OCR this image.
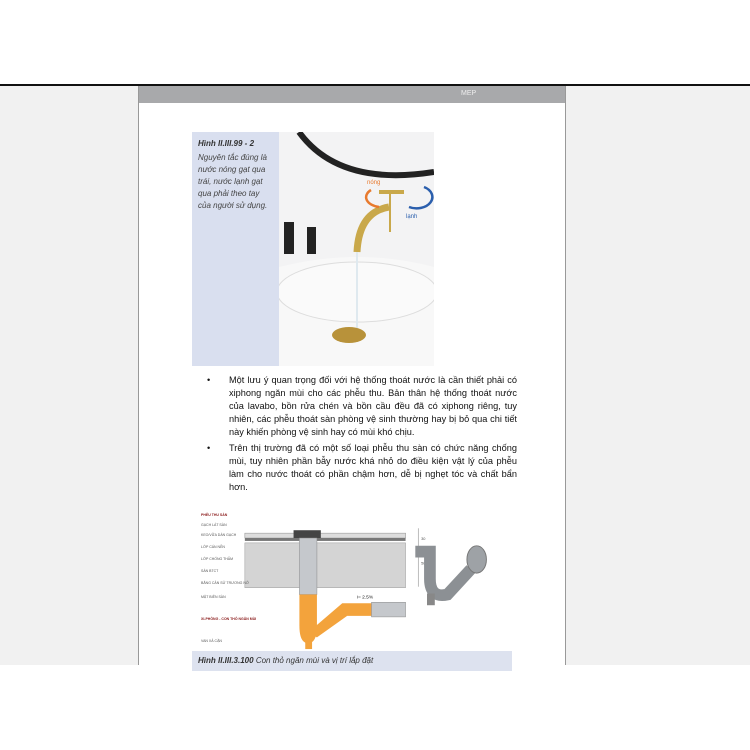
MEP
Hình II.III.99 - 2
Nguyên tắc đúng là nước nóng gạt qua trái, nước lạnh gạt qua phải theo tay của người sử dụng.
nóng
lạnh
• Một lưu ý quan trọng đối với hệ thống thoát nước là cần thiết phải có xiphong ngăn mùi cho các phễu thu. Bản thân hệ thống thoát nước của lavabo, bồn rửa chén và bồn cầu đều đã có xiphong riêng, tuy nhiên, các phễu thoát sàn phòng vệ sinh thường hay bị bỏ qua chi tiết này khiến phòng vệ sinh hay có mùi khó chịu.
• Trên thị trường đã có một số loại phễu thu sàn có chức năng chống mùi, tuy nhiên phần bẫy nước khá nhỏ do điều kiện vật lý của phễu làm cho nước thoát có phần chậm hơn, dễ bị nghẹt tóc và chất bẩn hơn.
30
500
i= 2.5%
PHỄU THU SÀN
GẠCH LÁT SÀN
KEO/VỮA DÁN GẠCH
LỚP CÁN NỀN
LỚP CHỐNG THẤM
SÀN BTCT
BĂNG CẢN SỬ TRƯƠNG NỞ
MẶT BIÊN SÀN
XI-PHÔNG - CON THỎ NGĂN MÙI
VAN XẢ CẶN
Hình II.III.3.100 Con thỏ ngăn mùi và vị trí lắp đặt
